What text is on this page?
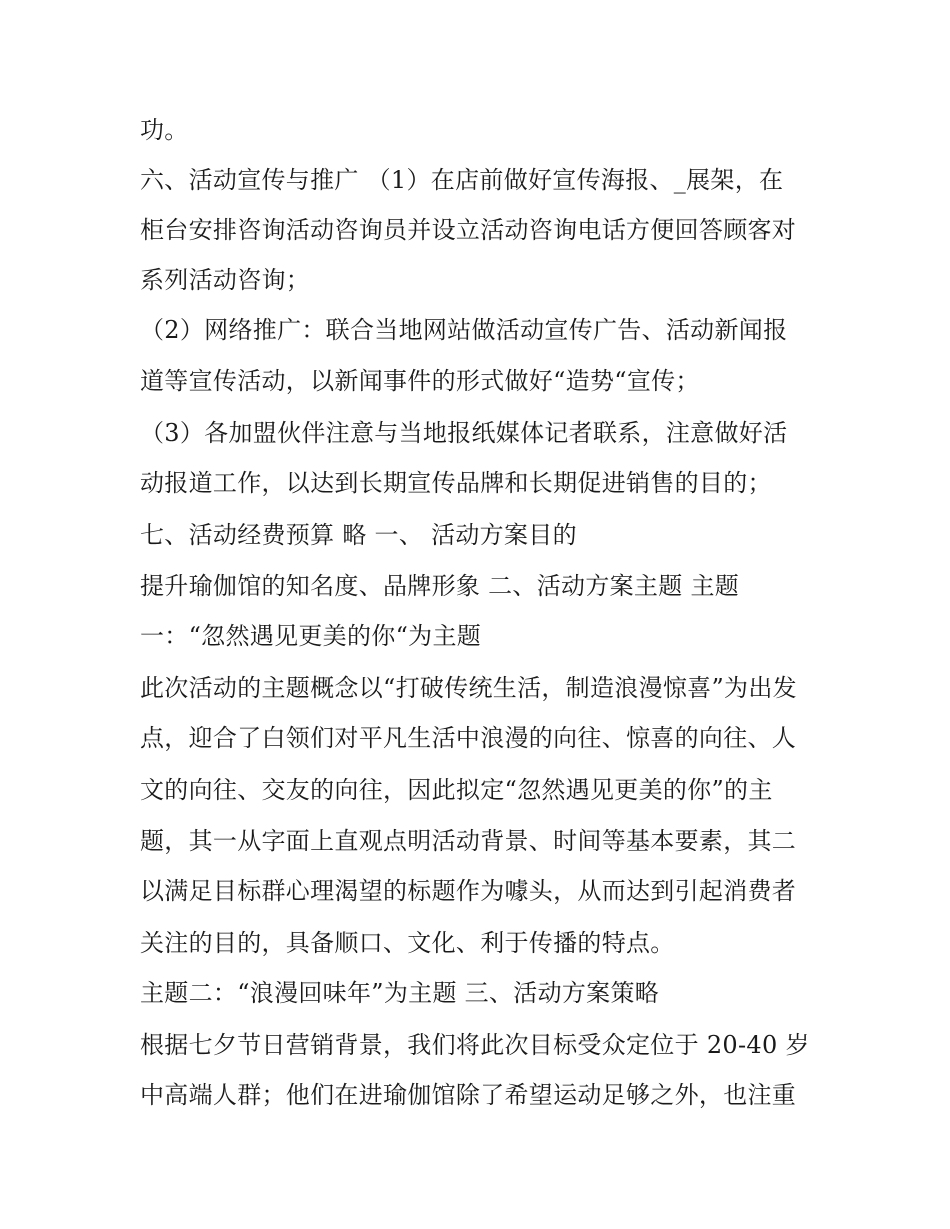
功。
六、活动宣传与推广 （1）在店前做好宣传海报、_展架，在
柜台安排咨询活动咨询员并设立活动咨询电话方便回答顾客对
系列活动咨询；
（2）网络推广：联合当地网站做活动宣传广告、活动新闻报
道等宣传活动，以新闻事件的形式做好“造势“宣传；
（3）各加盟伙伴注意与当地报纸媒体记者联系，注意做好活
动报道工作，以达到长期宣传品牌和长期促进销售的目的；
七、活动经费预算 略 一、 活动方案目的
提升瑜伽馆的知名度、品牌形象 二、活动方案主题 主题
一：“忽然遇见更美的你“为主题
此次活动的主题概念以“打破传统生活，制造浪漫惊喜”为出发
点，迎合了白领们对平凡生活中浪漫的向往、惊喜的向往、人
文的向往、交友的向往，因此拟定“忽然遇见更美的你”的主
题，其一从字面上直观点明活动背景、时间等基本要素，其二
以满足目标群心理渴望的标题作为噱头，从而达到引起消费者
关注的目的，具备顺口、文化、利于传播的特点。
主题二：“浪漫回味年”为主题 三、活动方案策略
根据七夕节日营销背景，我们将此次目标受众定位于 20-40 岁
中高端人群；他们在进瑜伽馆除了希望运动足够之外，也注重
